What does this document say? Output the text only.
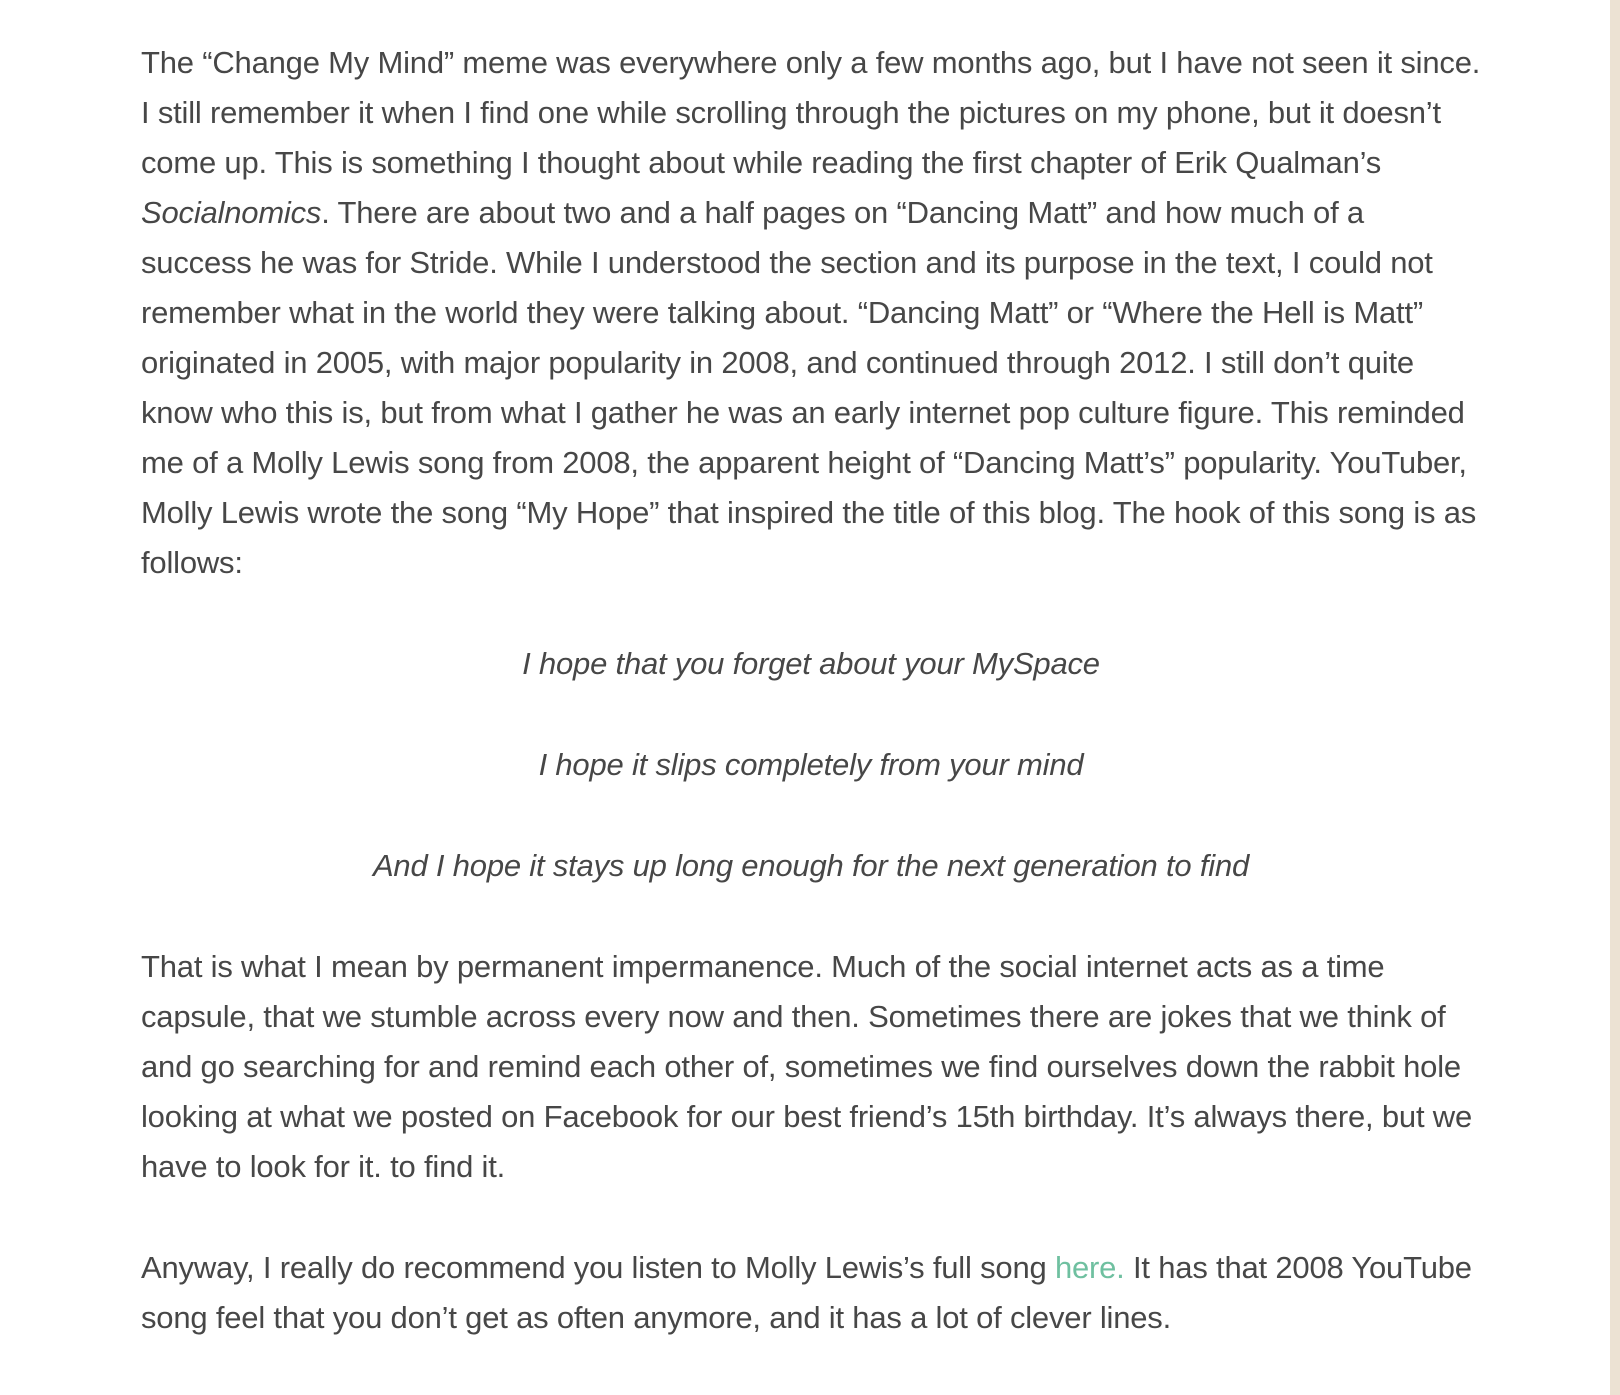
The “Change My Mind” meme was everywhere only a few months ago, but I have not seen it since. I still remember it when I find one while scrolling through the pictures on my phone, but it doesn’t come up. This is something I thought about while reading the first chapter of Erik Qualman’s Socialnomics. There are about two and a half pages on “Dancing Matt” and how much of a success he was for Stride. While I understood the section and its purpose in the text, I could not remember what in the world they were talking about. “Dancing Matt” or “Where the Hell is Matt” originated in 2005, with major popularity in 2008, and continued through 2012. I still don’t quite know who this is, but from what I gather he was an early internet pop culture figure. This reminded me of a Molly Lewis song from 2008, the apparent height of “Dancing Matt’s” popularity. YouTuber, Molly Lewis wrote the song “My Hope” that inspired the title of this blog. The hook of this song is as follows:

I hope that you forget about your MySpace

I hope it slips completely from your mind

And I hope it stays up long enough for the next generation to find

That is what I mean by permanent impermanence. Much of the social internet acts as a time capsule, that we stumble across every now and then. Sometimes there are jokes that we think of and go searching for and remind each other of, sometimes we find ourselves down the rabbit hole looking at what we posted on Facebook for our best friend’s 15th birthday. It’s always there, but we have to look for it. to find it.

Anyway, I really do recommend you listen to Molly Lewis’s full song here. It has that 2008 YouTube song feel that you don’t get as often anymore, and it has a lot of clever lines.
